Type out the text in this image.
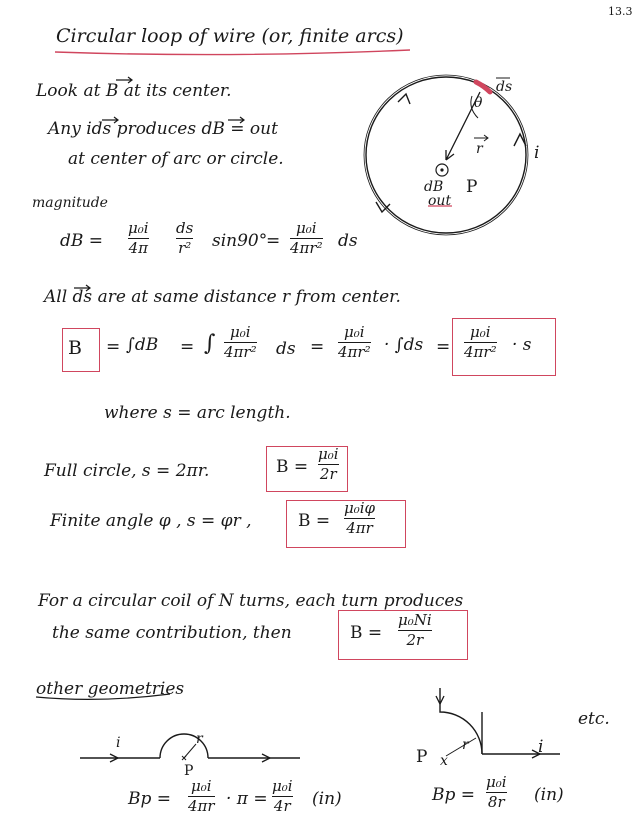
13.3
Circular loop of wire (or, finite arcs)
Look at B at its center.
Any ids produces dB = out
at center of arc or circle.
ds
θ
r	i
dB P
out
magnitude
dB =
μ₀i
4π
ds
r² sin90°
=
μ₀i
4πr² ds
All ds are at same distance r from center.
B = ∫dB = ∫ μ₀i
4πr² ds =
μ₀i
4πr² · ∫ds =
μ₀i
4πr² · s
where s = arc length.
Full circle, s = 2πr.	B =
μ₀i
2r
Finite angle φ , s = φr ,	B =
μ₀iφ
4πr
For a circular coil of N turns, each turn produces
the same contribution, then	B =
μ₀Ni
2r
other geometries
etc.
i	r
P
Bp =
μ₀i
4πr · π =
μ₀i
4r (in)
P x
r	i
Bp =
μ₀i
8r (in)
